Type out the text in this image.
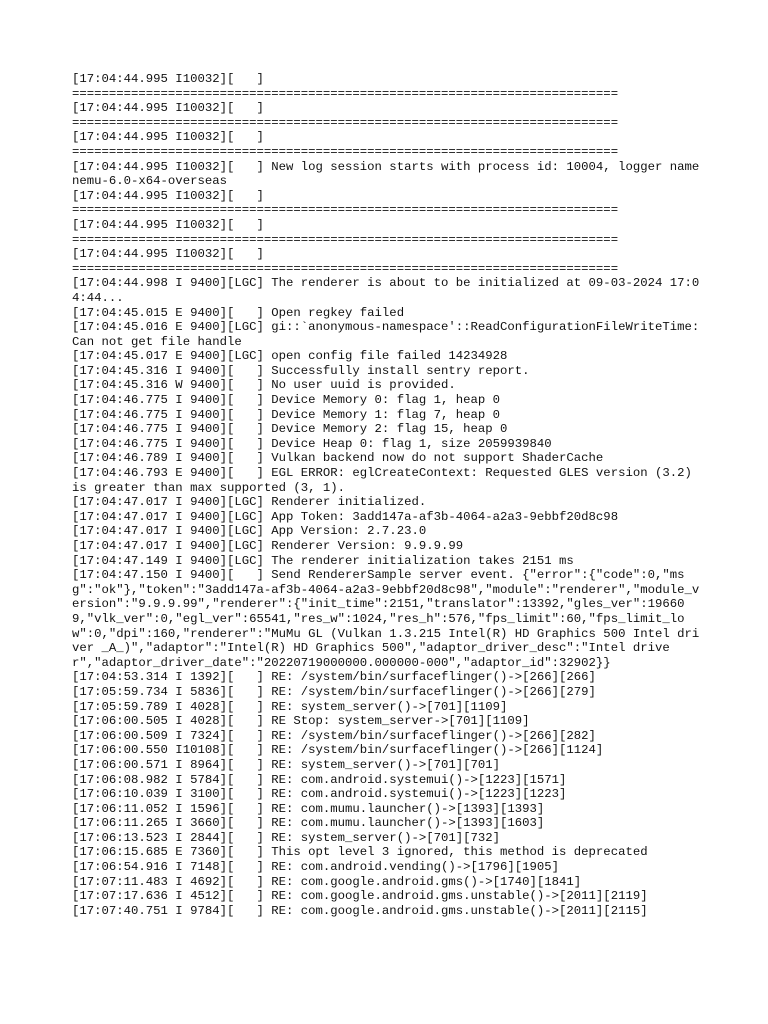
[17:04:44.995 I10032][   ]
==========================================================================
[17:04:44.995 I10032][   ]
==========================================================================
[17:04:44.995 I10032][   ]
==========================================================================
[17:04:44.995 I10032][   ] New log session starts with process id: 10004, logger name nemu-6.0-x64-overseas
[17:04:44.995 I10032][   ]
==========================================================================
[17:04:44.995 I10032][   ]
==========================================================================
[17:04:44.995 I10032][   ]
==========================================================================
[17:04:44.998 I 9400][LGC] The renderer is about to be initialized at 09-03-2024 17:04:44...
[17:04:45.015 E 9400][   ] Open regkey failed
[17:04:45.016 E 9400][LGC] gi::`anonymous-namespace'::ReadConfigurationFileWriteTime: Can not get file handle
[17:04:45.017 E 9400][LGC] open config file failed 14234928
[17:04:45.316 I 9400][   ] Successfully install sentry report.
[17:04:45.316 W 9400][   ] No user uuid is provided.
[17:04:46.775 I 9400][   ] Device Memory 0: flag 1, heap 0
[17:04:46.775 I 9400][   ] Device Memory 1: flag 7, heap 0
[17:04:46.775 I 9400][   ] Device Memory 2: flag 15, heap 0
[17:04:46.775 I 9400][   ] Device Heap 0: flag 1, size 2059939840
[17:04:46.789 I 9400][   ] Vulkan backend now do not support ShaderCache
[17:04:46.793 E 9400][   ] EGL ERROR: eglCreateContext: Requested GLES version (3.2) is greater than max supported (3, 1).
[17:04:47.017 I 9400][LGC] Renderer initialized.
[17:04:47.017 I 9400][LGC] App Token: 3add147a-af3b-4064-a2a3-9ebbf20d8c98
[17:04:47.017 I 9400][LGC] App Version: 2.7.23.0
[17:04:47.017 I 9400][LGC] Renderer Version: 9.9.9.99
[17:04:47.149 I 9400][LGC] The renderer initialization takes 2151 ms
[17:04:47.150 I 9400][   ] Send RendererSample server event. {"error":{"code":0,"msg":"ok"},"token":"3add147a-af3b-4064-a2a3-9ebbf20d8c98","module":"renderer","module_version":"9.9.9.99","renderer":{"init_time":2151,"translator":13392,"gles_ver":196609,"vlk_ver":0,"egl_ver":65541,"res_w":1024,"res_h":576,"fps_limit":60,"fps_limit_low":0,"dpi":160,"renderer":"MuMu GL (Vulkan 1.3.215 Intel(R) HD Graphics 500 Intel driver _A_)","adaptor":"Intel(R) HD Graphics 500","adaptor_driver_desc":"Intel driver","adaptor_driver_date":"20220719000000.000000-000","adaptor_id":32902}}
[17:04:53.314 I 1392][   ] RE: /system/bin/surfaceflinger()->[266][266]
[17:05:59.734 I 5836][   ] RE: /system/bin/surfaceflinger()->[266][279]
[17:05:59.789 I 4028][   ] RE: system_server()->[701][1109]
[17:06:00.505 I 4028][   ] RE Stop: system_server->[701][1109]
[17:06:00.509 I 7324][   ] RE: /system/bin/surfaceflinger()->[266][282]
[17:06:00.550 I10108][   ] RE: /system/bin/surfaceflinger()->[266][1124]
[17:06:00.571 I 8964][   ] RE: system_server()->[701][701]
[17:06:08.982 I 5784][   ] RE: com.android.systemui()->[1223][1571]
[17:06:10.039 I 3100][   ] RE: com.android.systemui()->[1223][1223]
[17:06:11.052 I 1596][   ] RE: com.mumu.launcher()->[1393][1393]
[17:06:11.265 I 3660][   ] RE: com.mumu.launcher()->[1393][1603]
[17:06:13.523 I 2844][   ] RE: system_server()->[701][732]
[17:06:15.685 E 7360][   ] This opt level 3 ignored, this method is deprecated
[17:06:54.916 I 7148][   ] RE: com.android.vending()->[1796][1905]
[17:07:11.483 I 4692][   ] RE: com.google.android.gms()->[1740][1841]
[17:07:17.636 I 4512][   ] RE: com.google.android.gms.unstable()->[2011][2119]
[17:07:40.751 I 9784][   ] RE: com.google.android.gms.unstable()->[2011][2115]
